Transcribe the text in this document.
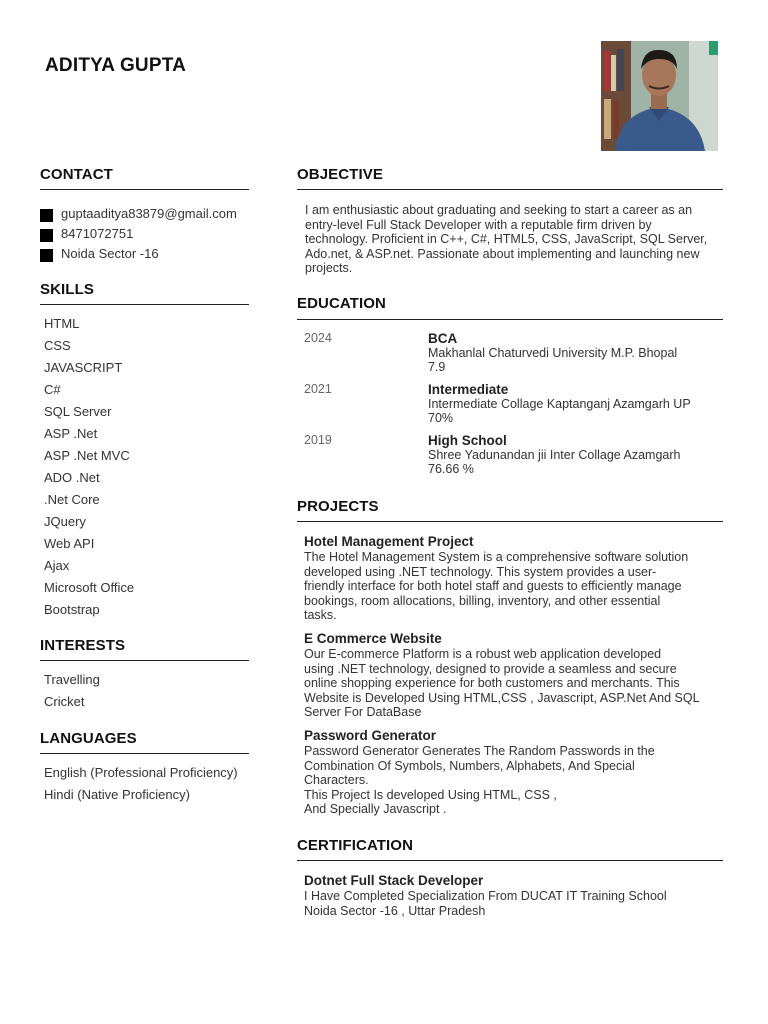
ADITYA GUPTA
CONTACT
guptaaditya83879@gmail.com
8471072751
Noida Sector -16
SKILLS
HTML
CSS
JAVASCRIPT
C#
SQL Server
ASP .Net
ASP .Net MVC
ADO .Net
.Net Core
JQuery
Web API
Ajax
Microsoft Office
Bootstrap
INTERESTS
Travelling
Cricket
LANGUAGES
English (Professional Proficiency)
Hindi (Native Proficiency)
OBJECTIVE
I am enthusiastic about graduating and seeking to start a career as an entry-level Full Stack Developer with a reputable firm driven by technology. Proficient in C++, C#, HTML5, CSS, JavaScript, SQL Server, Ado.net, & ASP.net. Passionate about implementing and launching new projects.
EDUCATION
2024	BCA
Makhanlal Chaturvedi University M.P. Bhopal
7.9
2021	Intermediate
Intermediate Collage Kaptanganj Azamgarh UP
70%
2019	High School
Shree Yadunandan jii Inter Collage Azamgarh
76.66 %
PROJECTS
Hotel Management Project
The Hotel Management System is a comprehensive software solution
developed using .NET technology. This system provides a user-
friendly interface for both hotel staff and guests to efficiently manage
bookings, room allocations, billing, inventory, and other essential
tasks.
E Commerce Website
Our E-commerce Platform is a robust web application developed
using .NET technology, designed to provide a seamless and secure
online shopping experience for both customers and merchants. This
Website is Developed Using HTML,CSS , Javascript, ASP.Net And SQL
Server For DataBase
Password Generator
Password Generator Generates The Random Passwords in the
Combination Of Symbols, Numbers, Alphabets, And Special
Characters.
This Project Is developed Using HTML, CSS ,
And Specially Javascript .
CERTIFICATION
Dotnet Full Stack Developer
I Have Completed Specialization From DUCAT IT Training School
Noida Sector -16 , Uttar Pradesh
